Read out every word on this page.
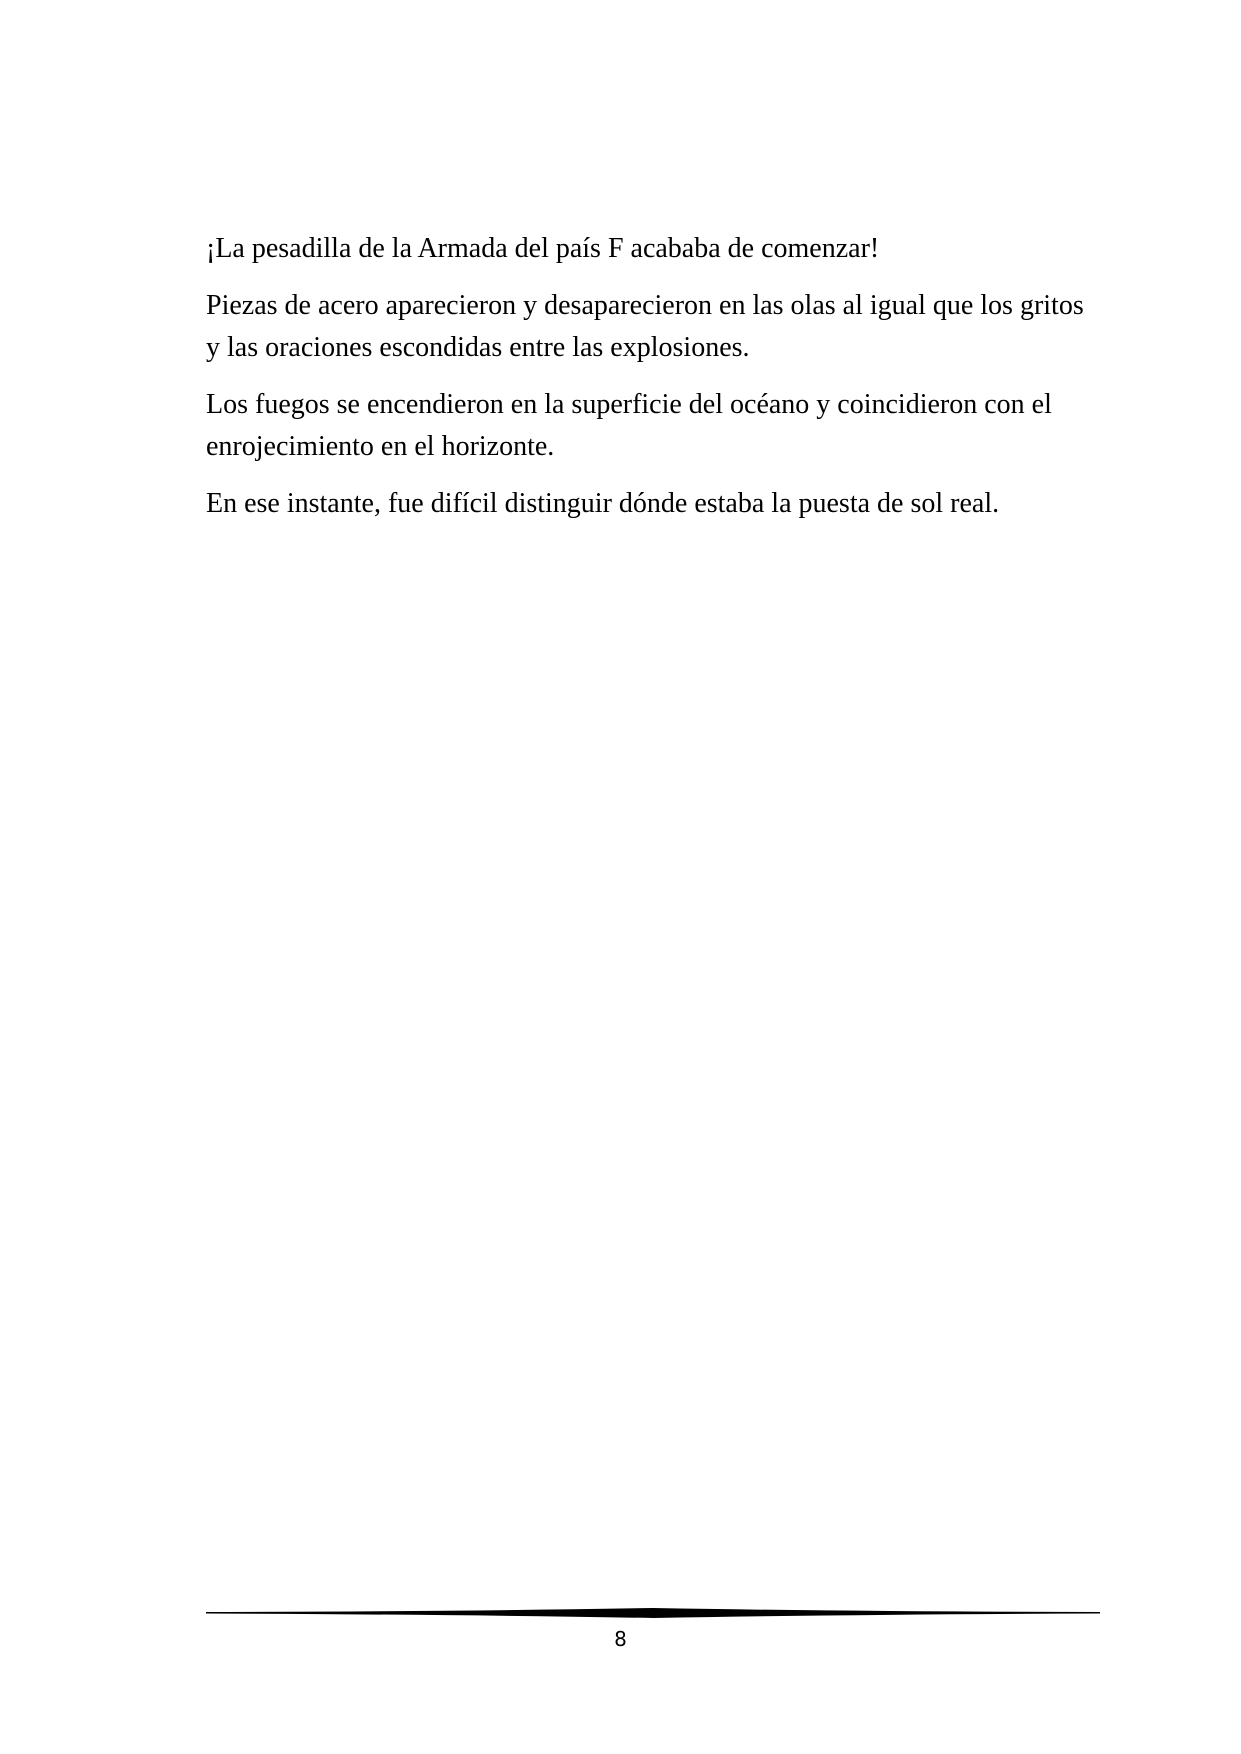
¡La pesadilla de la Armada del país F acababa de comenzar!

Piezas de acero aparecieron y desaparecieron en las olas al igual que los gritos y las oraciones escondidas entre las explosiones.

Los fuegos se encendieron en la superficie del océano y coincidieron con el enrojecimiento en el horizonte.

En ese instante, fue difícil distinguir dónde estaba la puesta de sol real.

8
